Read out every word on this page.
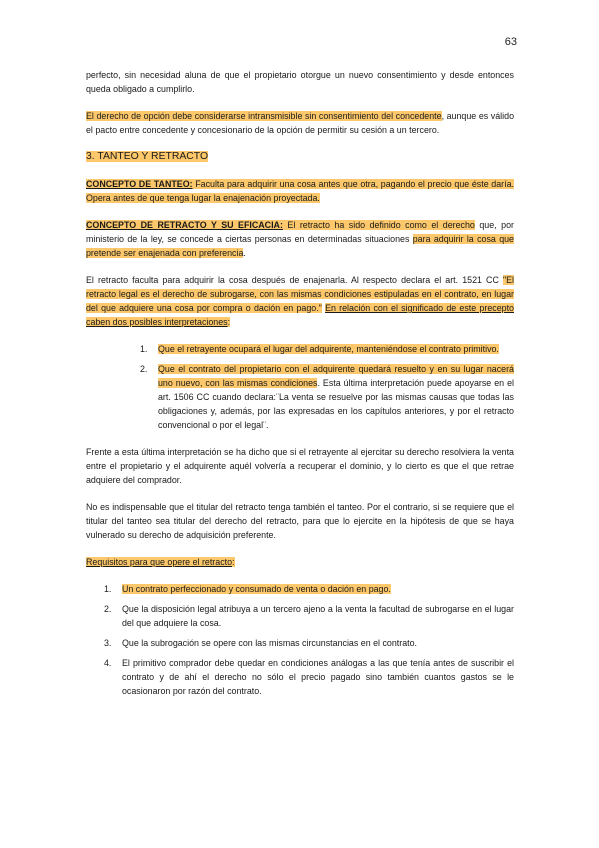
63

perfecto, sin necesidad aluna de que el propietario otorgue un nuevo consentimiento y desde entonces queda obligado a cumplirlo.

El derecho de opción debe considerarse intransmisible sin consentimiento del concedente, aunque es válido el pacto entre concedente y concesionario de la opción de permitir su cesión a un tercero.

3. TANTEO Y RETRACTO

CONCEPTO DE TANTEO: Faculta para adquirir una cosa antes que otra, pagando el precio que éste daría. Opera antes de que tenga lugar la enajenación proyectada.

CONCEPTO DE RETRACTO Y SU EFICACIA: El retracto ha sido definido como el derecho que, por ministerio de la ley, se concede a ciertas personas en determinadas situaciones para adquirir la cosa que pretende ser enajenada con preferencia.

El retracto faculta para adquirir la cosa después de enajenarla. Al respecto declara el art. 1521 CC "El retracto legal es el derecho de subrogarse, con las mismas condiciones estipuladas en el contrato, en lugar del que adquiere una cosa por compra o dación en pago." En relación con el significado de este precepto caben dos posibles interpretaciones:

1. Que el retrayente ocupará el lugar del adquirente, manteniéndose el contrato primitivo.
2. Que el contrato del propietario con el adquirente quedará resuelto y en su lugar nacerá uno nuevo, con las mismas condiciones. Esta última interpretación puede apoyarse en el art. 1506 CC cuando declara:¨La venta se resuelve por las mismas causas que todas las obligaciones y, además, por las expresadas en los capítulos anteriores, y por el retracto convencional o por el legal¨.

Frente a esta última interpretación se ha dicho que si el retrayente al ejercitar su derecho resolviera la venta entre el propietario y el adquirente aquél volvería a recuperar el dominio, y lo cierto es que el que retrae adquiere del comprador.

No es indispensable que el titular del retracto tenga también el tanteo. Por el contrario, si se requiere que el titular del tanteo sea titular del derecho del retracto, para que lo ejercite en la hipótesis de que se haya vulnerado su derecho de adquisición preferente.

Requisitos para que opere el retracto:

1. Un contrato perfeccionado y consumado de venta o dación en pago.
2. Que la disposición legal atribuya a un tercero ajeno a la venta la facultad de subrogarse en el lugar del que adquiere la cosa.
3. Que la subrogación se opere con las mismas circunstancias en el contrato.
4. El primitivo comprador debe quedar en condiciones análogas a las que tenía antes de suscribir el contrato y de ahí el derecho no sólo el precio pagado sino también cuantos gastos se le ocasionaron por razón del contrato.
